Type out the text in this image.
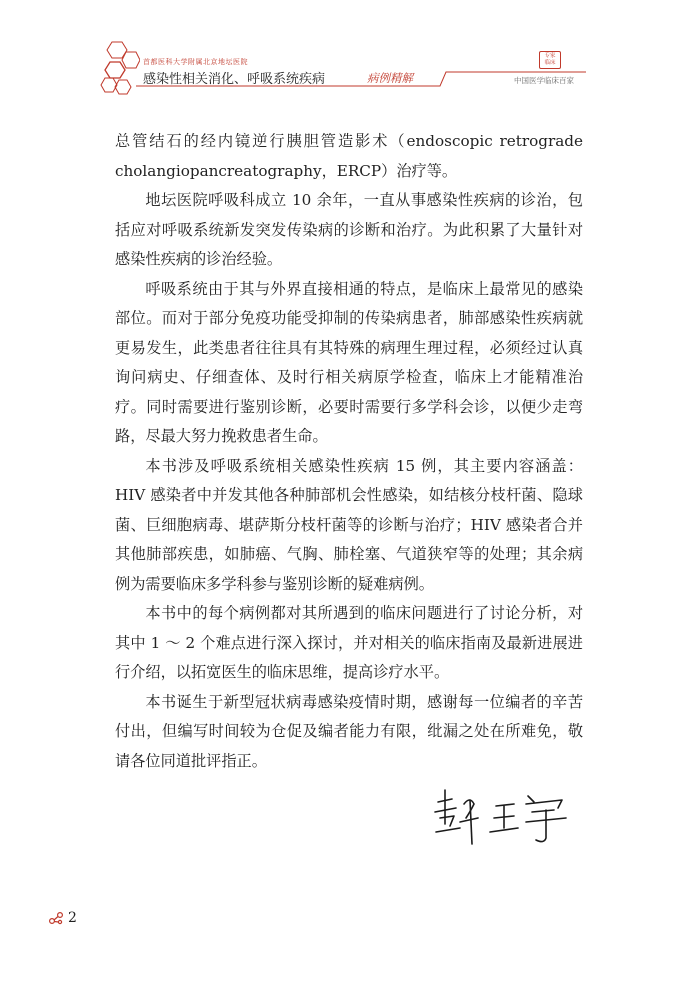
首都医科大学附属北京地坛医院
感染性相关消化、呼吸系统疾病	病例精解
专家
临床
中国医学临床百家

总管结石的经内镜逆行胰胆管造影术（endoscopic retrograde cholangiopancreatography，ERCP）治疗等。

地坛医院呼吸科成立 10 余年，一直从事感染性疾病的诊治，包括应对呼吸系统新发突发传染病的诊断和治疗。为此积累了大量针对感染性疾病的诊治经验。

呼吸系统由于其与外界直接相通的特点，是临床上最常见的感染部位。而对于部分免疫功能受抑制的传染病患者，肺部感染性疾病就更易发生，此类患者往往具有其特殊的病理生理过程，必须经过认真询问病史、仔细查体、及时行相关病原学检查，临床上才能精准治疗。同时需要进行鉴别诊断，必要时需要行多学科会诊，以便少走弯路，尽最大努力挽救患者生命。

本书涉及呼吸系统相关感染性疾病 15 例，其主要内容涵盖：HIV 感染者中并发其他各种肺部机会性感染，如结核分枝杆菌、隐球菌、巨细胞病毒、堪萨斯分枝杆菌等的诊断与治疗；HIV 感染者合并其他肺部疾患，如肺癌、气胸、肺栓塞、气道狭窄等的处理；其余病例为需要临床多学科参与鉴别诊断的疑难病例。

本书中的每个病例都对其所遇到的临床问题进行了讨论分析，对其中 1 ～ 2 个难点进行深入探讨，并对相关的临床指南及最新进展进行介绍，以拓宽医生的临床思维，提高诊疗水平。

本书诞生于新型冠状病毒感染疫情时期，感谢每一位编者的辛苦付出，但编写时间较为仓促及编者能力有限，纰漏之处在所难免，敬请各位同道批评指正。

2
